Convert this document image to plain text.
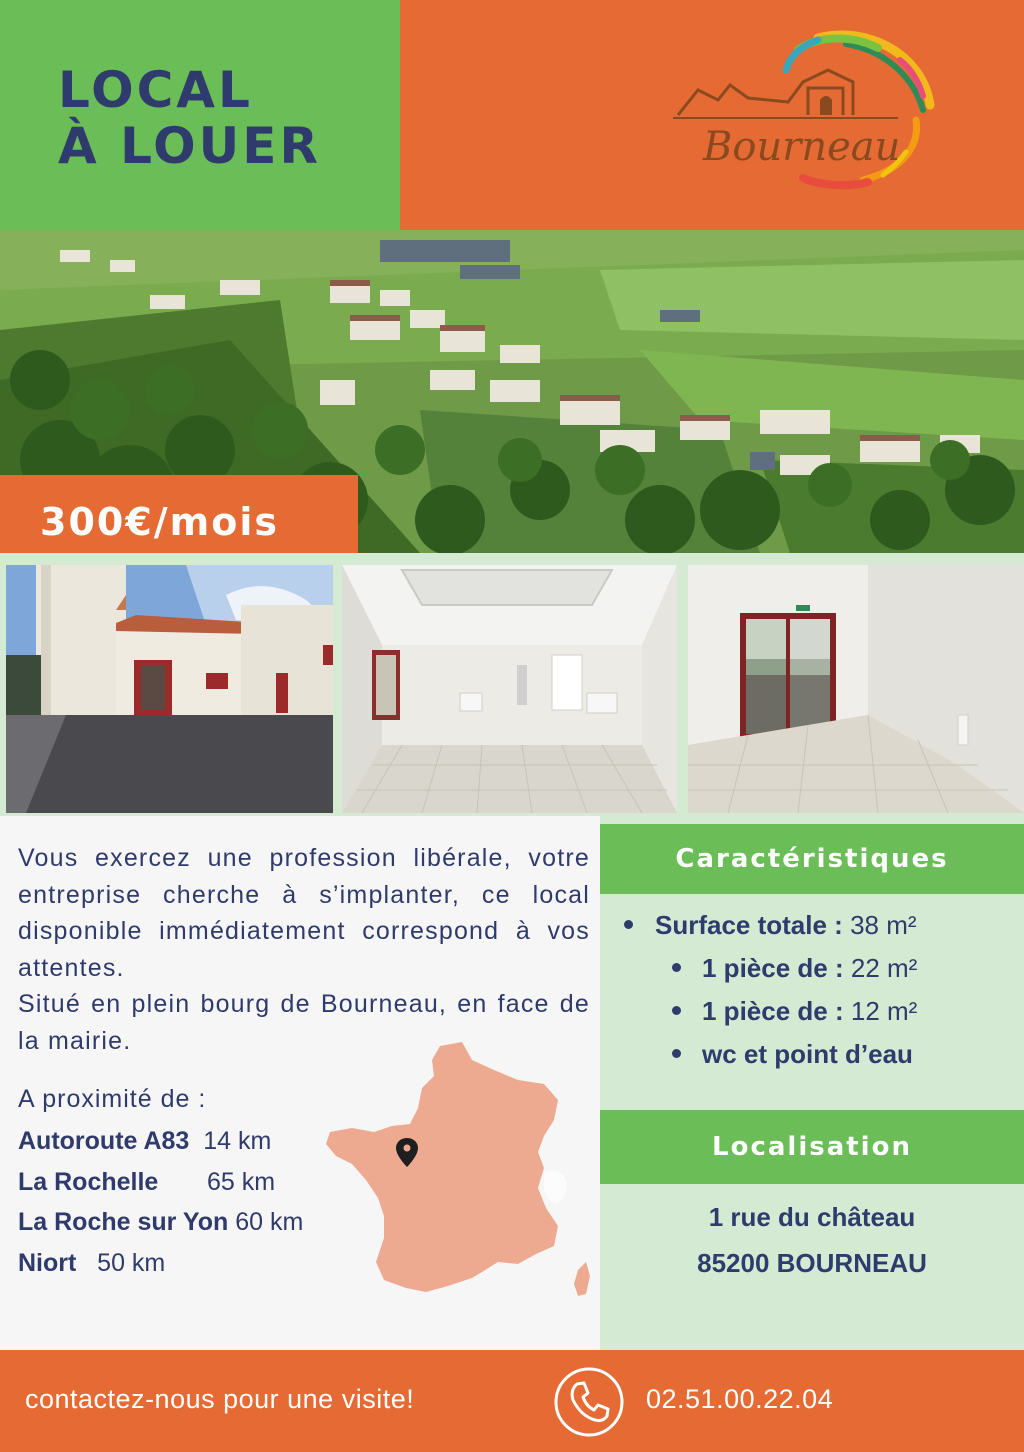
LOCAL
À LOUER	Bourneau
300€/mois

Vous exercez une profession libérale, votre entreprise cherche à s’implanter, ce local disponible immédiatement correspond à vos attentes.

Situé en plein bourg de Bourneau, en face de la mairie.

A proximité de :
Autoroute A83 14 km
La Rochelle 65 km
La Roche sur Yon 60 km
Niort 50 km
Caractéristiques
Surface totale : 38 m²
1 pièce de : 22 m²
1 pièce de : 12 m²
wc et point d’eau
Localisation
1 rue du château
85200 BOURNEAU
contactez-nous pour une visite!	02.51.00.22.04
